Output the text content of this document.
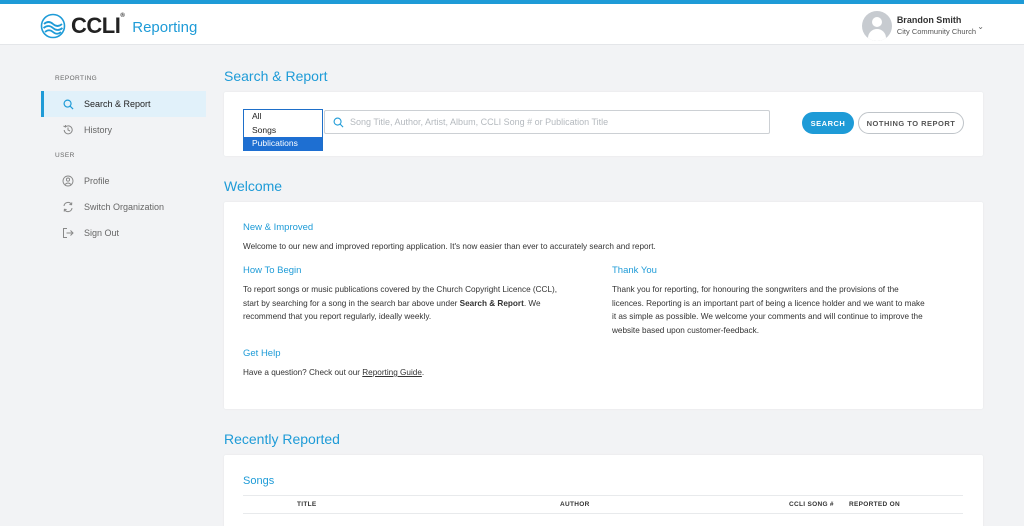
CCLI®
Reporting	Brandon Smith
City Community Church
⌄
REPORTING
Search & Report
History
USER
Profile
Switch Organization
Sign Out
Search & Report
All
Songs
Publications
Song Title, Author, Artist, Album, CCLI Song # or Publication Title	SEARCH	NOTHING TO REPORT
Welcome
New & Improved
Welcome to our new and improved reporting application. It's now easier than ever to accurately search and report.
How To Begin
To report songs or music publications covered by the Church Copyright Licence (CCL),
start by searching for a song in the search bar above under Search & Report. We
recommend that you report regularly, ideally weekly.
Thank You
Thank you for reporting, for honouring the songwriters and the provisions of the
licences. Reporting is an important part of being a licence holder and we want to make
it as simple as possible. We welcome your comments and will continue to improve the
website based upon customer-feedback.
Get Help
Have a question? Check out our Reporting Guide.
Recently Reported
Songs
TITLE	AUTHOR	CCLI SONG # REPORTED ON
